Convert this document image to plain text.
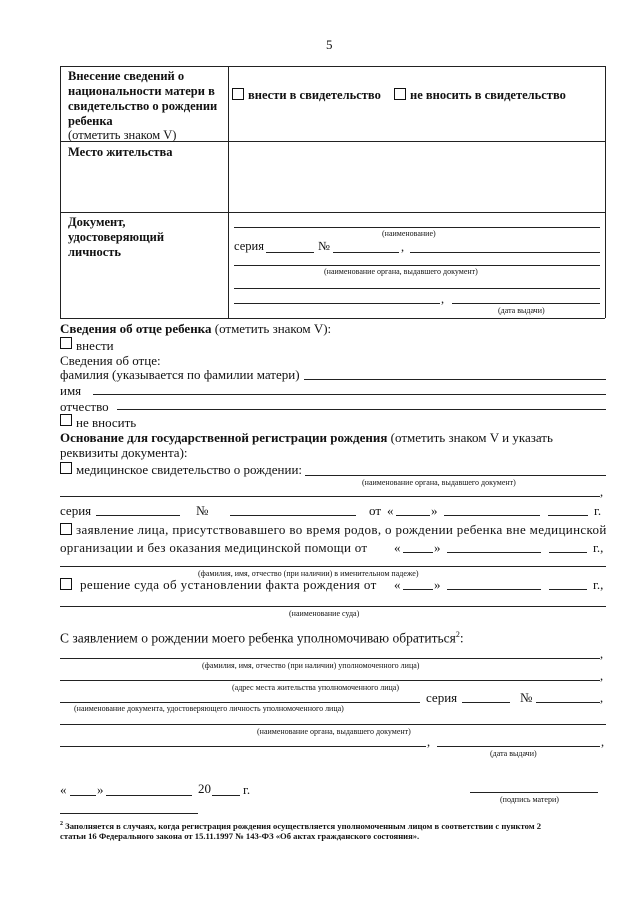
5
Внесение сведений о
национальности матери в
свидетельство о рождении
ребенка
(отметить знаком V)
внести в свидетельство не вносить в свидетельство
Место жительства
Документ,
удостоверяющий
личность
(наименование)
серия	№	,
(наименование органа, выдавшего документ)
,
(дата выдачи)
Сведения об отце ребенка (отметить знаком V):
внести
Сведения об отце:
фамилия (указывается по фамилии матери)
имя
отчество
не вносить
Основание для государственной регистрации рождения (отметить знаком V и указать
реквизиты документа):
медицинское свидетельство о рождении:
(наименование органа, выдавшего документ)
,
серия	№	от «	»	г.
заявление лица, присутствовавшего во время родов, о рождении ребенка вне медицинской
организации и без оказания медицинской помощи от «	»	г.,
(фамилия, имя, отчество (при наличии) в именительном падеже)
решение суда об установлении факта рождения от «	»	г.,
(наименование суда)
С заявлением о рождении моего ребенка уполномочиваю обратиться$^2$:
,
(фамилия, имя, отчество (при наличии) уполномоченного лица)
,
(адрес места жительства уполномоченного лица)
серия	№	,
(наименование документа, удостоверяющего личность уполномоченного лица)
(наименование органа, выдавшего документ)
,	,
(дата выдачи)
« »	20 г.
(подпись матери)
$^2$ Заполняется в случаях, когда регистрация рождения осуществляется уполномоченным лицом в соответствии с пунктом 2
статьи 16 Федерального закона от 15.11.1997 № 143-ФЗ «Об актах гражданского состояния».
